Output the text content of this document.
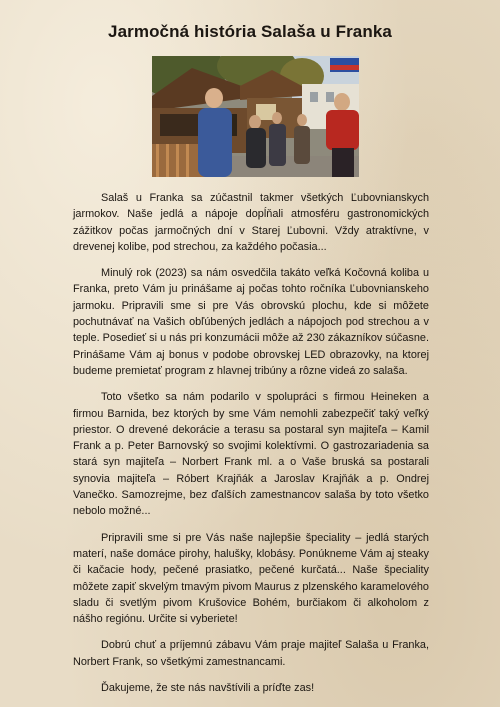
Jarmočná história Salaša u Franka

Salaš u Franka sa zúčastnil takmer všetkých Ľubovnianskych jarmokov. Naše jedlá a nápoje dopĺňali atmosféru gastronomických zážitkov počas jarmočných dní v Starej Ľubovni. Vždy atraktívne, v drevenej kolibe, pod strechou, za každého počasia...

Minulý rok (2023) sa nám osvedčila takáto veľká Kočovná koliba u Franka, preto Vám ju prinášame aj počas tohto ročníka Ľubovnianskeho jarmoku. Pripravili sme si pre Vás obrovskú plochu, kde si môžete pochutnávať na Vašich obľúbených jedlách a nápojoch pod strechou a v teple. Posedieť si u nás pri konzumácii môže až 230 zákazníkov súčasne. Prinášame Vám aj bonus v podobe obrovskej LED obrazovky, na ktorej budeme premietať program z hlavnej tribúny a rôzne videá zo salaša.

Toto všetko sa nám podarilo v spolupráci s firmou Heineken a firmou Barnida, bez ktorých by sme Vám nemohli zabezpečiť taký veľký priestor. O drevené dekorácie a terasu sa postaral syn majiteľa – Kamil Frank a p. Peter Barnovský so svojimi kolektívmi. O gastrozariadenia sa stará syn majiteľa – Norbert Frank ml. a o Vaše bruská sa postarali synovia majiteľa – Róbert Krajňák a Jaroslav Krajňák a p. Ondrej Vanečko. Samozrejme, bez ďalších zamestnancov salaša by toto všetko nebolo možné...

Pripravili sme si pre Vás naše najlepšie špeciality – jedlá starých materí, naše domáce pirohy, halušky, klobásy. Ponúkneme Vám aj steaky či kačacie hody, pečené prasiatko, pečené kurčatá... Naše špeciality môžete zapiť skvelým tmavým pivom Maurus z plzenského karamelového sladu či svetlým pivom Krušovice Bohém, burčiakom či alkoholom z nášho regiónu. Určite si vyberiete!

Dobrú chuť a príjemnú zábavu Vám praje majiteľ Salaša u Franka, Norbert Frank, so všetkými zamestnancami.

Ďakujeme, že ste nás navštívili a príďte zas!
